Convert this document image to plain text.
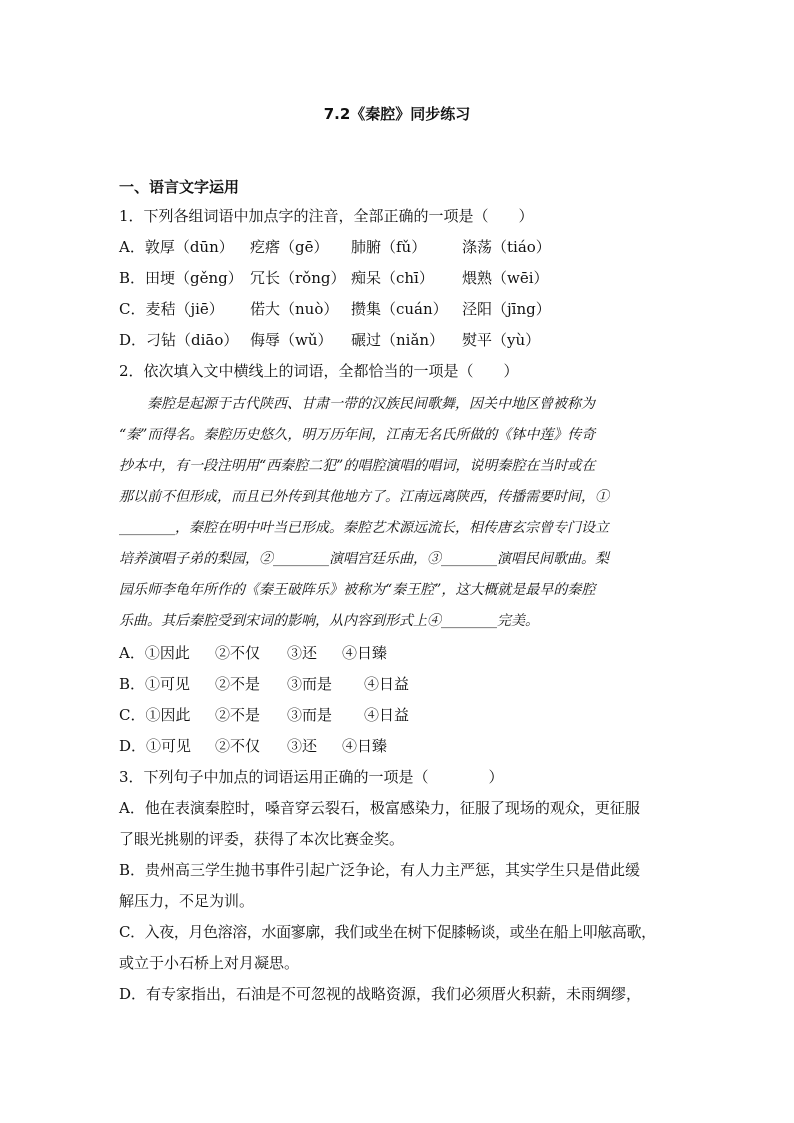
7.2《秦腔》同步练习
一、语言文字运用
1．下列各组词语中加点字的注音，全部正确的一项是（　　）
A．敦厚（dūn） 疙瘩（gē） 肺腑（fǔ） 涤荡（tiáo）
B．田埂（gěng） 冗长（rǒng） 痴呆（chī） 煨熟（wēi）
C．麦秸（jiē） 偌大（nuò） 攒集（cuán） 泾阳（jīng）
D．刁钻（diāo） 侮辱（wǔ） 碾过（niǎn） 熨平（yù）
2．依次填入文中横线上的词语，全都恰当的一项是（　　）
秦腔是起源于古代陕西、甘肃一带的汉族民间歌舞，因关中地区曾被称为
“秦”而得名。秦腔历史悠久，明万历年间，江南无名氏所做的《钵中莲》传奇
抄本中，有一段注明用“西秦腔二犯”的唱腔演唱的唱词，说明秦腔在当时或在
那以前不但形成，而且已外传到其他地方了。江南远离陕西，传播需要时间，①
________，秦腔在明中叶当已形成。秦腔艺术源远流长，相传唐玄宗曾专门设立
培养演唱子弟的梨园，②________演唱宫廷乐曲，③________演唱民间歌曲。梨
园乐师李龟年所作的《秦王破阵乐》被称为“秦王腔”，这大概就是最早的秦腔
乐曲。其后秦腔受到宋词的影响，从内容到形式上④________完美。
A．①因此 ②不仅 ③还 ④日臻
B．①可见 ②不是 ③而是 ④日益
C．①因此 ②不是 ③而是 ④日益
D．①可见 ②不仅 ③还 ④日臻
3．下列句子中加点的词语运用正确的一项是（　　　　）
A．他在表演秦腔时，嗓音穿云裂石，极富感染力，征服了现场的观众，更征服
了眼光挑剔的评委，获得了本次比赛金奖。
B．贵州高三学生抛书事件引起广泛争论，有人力主严惩，其实学生只是借此缓
解压力，不足为训。
C．入夜，月色溶溶，水面寥廓，我们或坐在树下促膝畅谈，或坐在船上叩舷高歌，
或立于小石桥上对月凝思。
D．有专家指出，石油是不可忽视的战略资源，我们必须厝火积薪，未雨绸缪，
